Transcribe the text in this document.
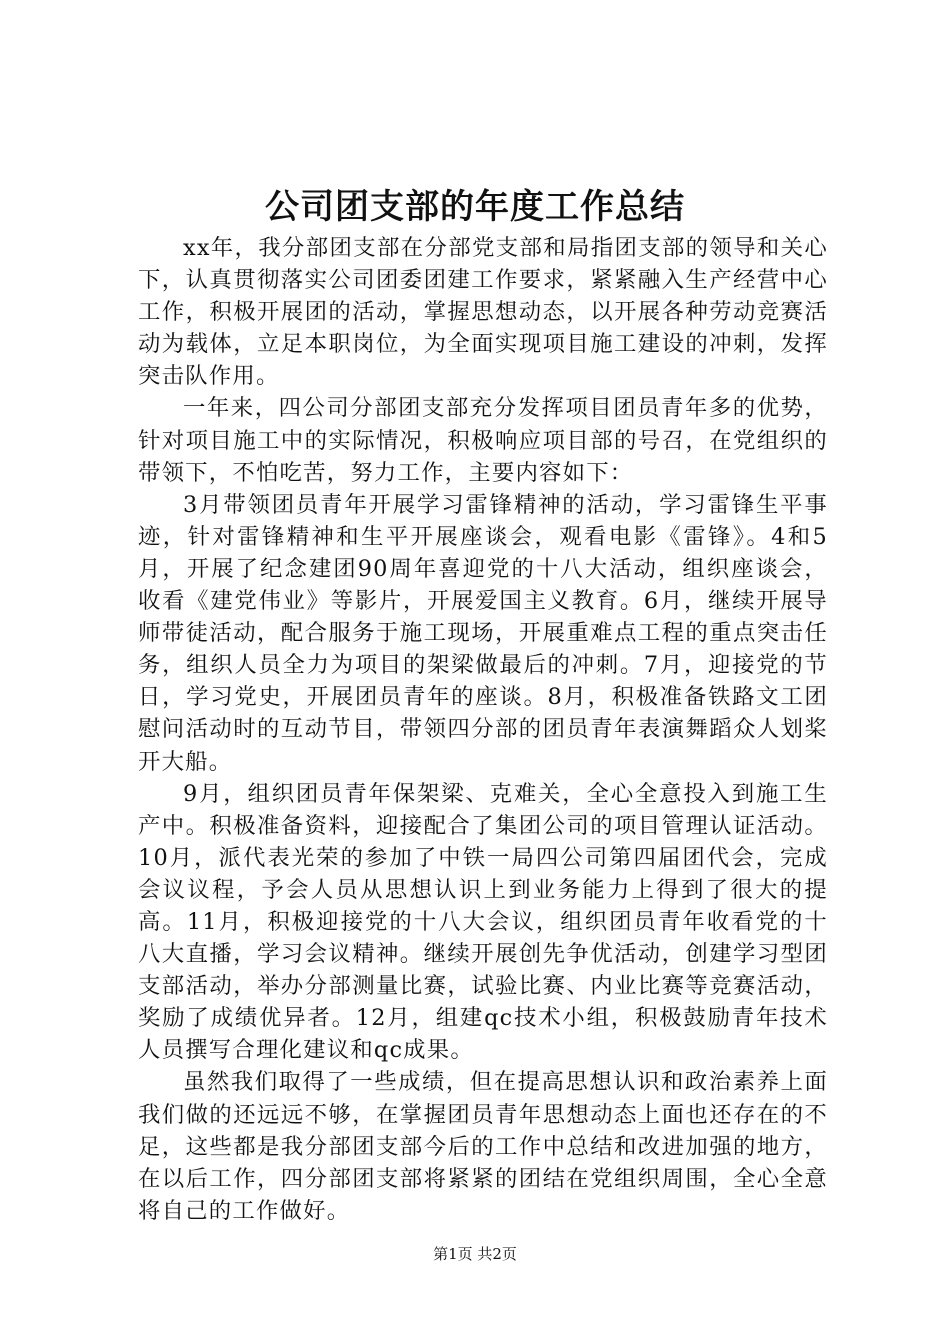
公司团支部的年度工作总结

xx年，我分部团支部在分部党支部和局指团支部的领导和关心下，认真贯彻落实公司团委团建工作要求，紧紧融入生产经营中心工作，积极开展团的活动，掌握思想动态，以开展各种劳动竞赛活动为载体，立足本职岗位，为全面实现项目施工建设的冲刺，发挥突击队作用。

一年来，四公司分部团支部充分发挥项目团员青年多的优势，针对项目施工中的实际情况，积极响应项目部的号召，在党组织的带领下，不怕吃苦，努力工作，主要内容如下：

3月带领团员青年开展学习雷锋精神的活动，学习雷锋生平事迹，针对雷锋精神和生平开展座谈会，观看电影《雷锋》。4和5月，开展了纪念建团90周年喜迎党的十八大活动，组织座谈会，收看《建党伟业》等影片，开展爱国主义教育。6月，继续开展导师带徒活动，配合服务于施工现场，开展重难点工程的重点突击任务，组织人员全力为项目的架梁做最后的冲刺。7月，迎接党的节日，学习党史，开展团员青年的座谈。8月，积极准备铁路文工团慰问活动时的互动节目，带领四分部的团员青年表演舞蹈众人划桨开大船。

9月，组织团员青年保架梁、克难关，全心全意投入到施工生产中。积极准备资料，迎接配合了集团公司的项目管理认证活动。10月，派代表光荣的参加了中铁一局四公司第四届团代会，完成会议议程，予会人员从思想认识上到业务能力上得到了很大的提高。11月，积极迎接党的十八大会议，组织团员青年收看党的十八大直播，学习会议精神。继续开展创先争优活动，创建学习型团支部活动，举办分部测量比赛，试验比赛、内业比赛等竞赛活动，奖励了成绩优异者。12月，组建qc技术小组，积极鼓励青年技术人员撰写合理化建议和qc成果。

虽然我们取得了一些成绩，但在提高思想认识和政治素养上面我们做的还远远不够，在掌握团员青年思想动态上面也还存在的不足，这些都是我分部团支部今后的工作中总结和改进加强的地方，在以后工作，四分部团支部将紧紧的团结在党组织周围，全心全意将自己的工作做好。

第1页 共2页
